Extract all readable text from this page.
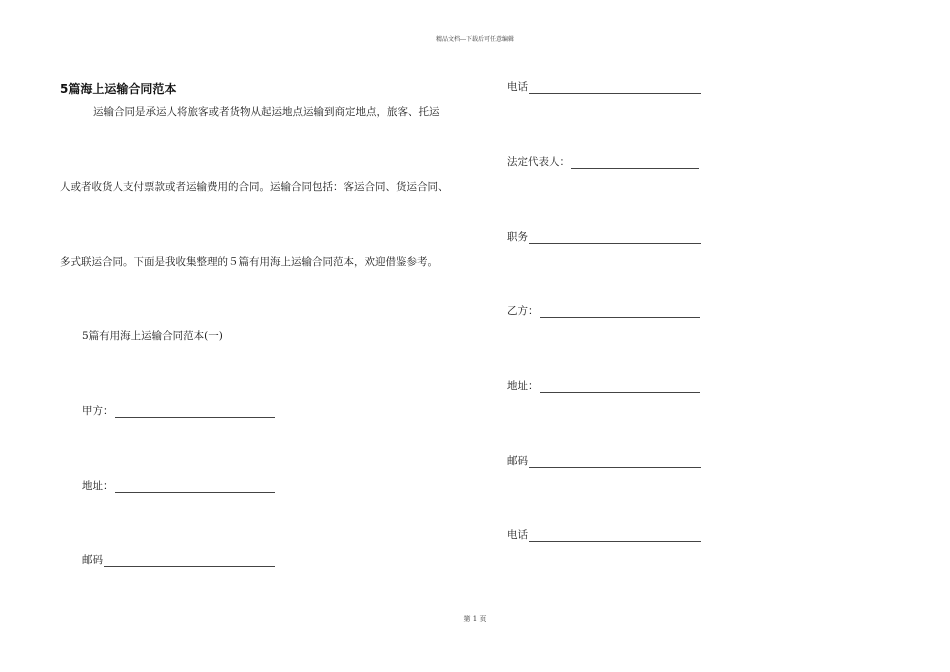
精品文档---下载后可任意编辑
5篇海上运输合同范本
运输合同是承运人将旅客或者货物从起运地点运输到商定地点，旅客、托运
人或者收货人支付票款或者运输费用的合同。运输合同包括：客运合同、货运合同、
多式联运合同。下面是我收集整理的５篇有用海上运输合同范本，欢迎借鉴参考。
5篇有用海上运输合同范本(一)
甲方：
地址：
邮码
电话
法定代表人：
职务
乙方：
地址：
邮码
电话
第 1 页
